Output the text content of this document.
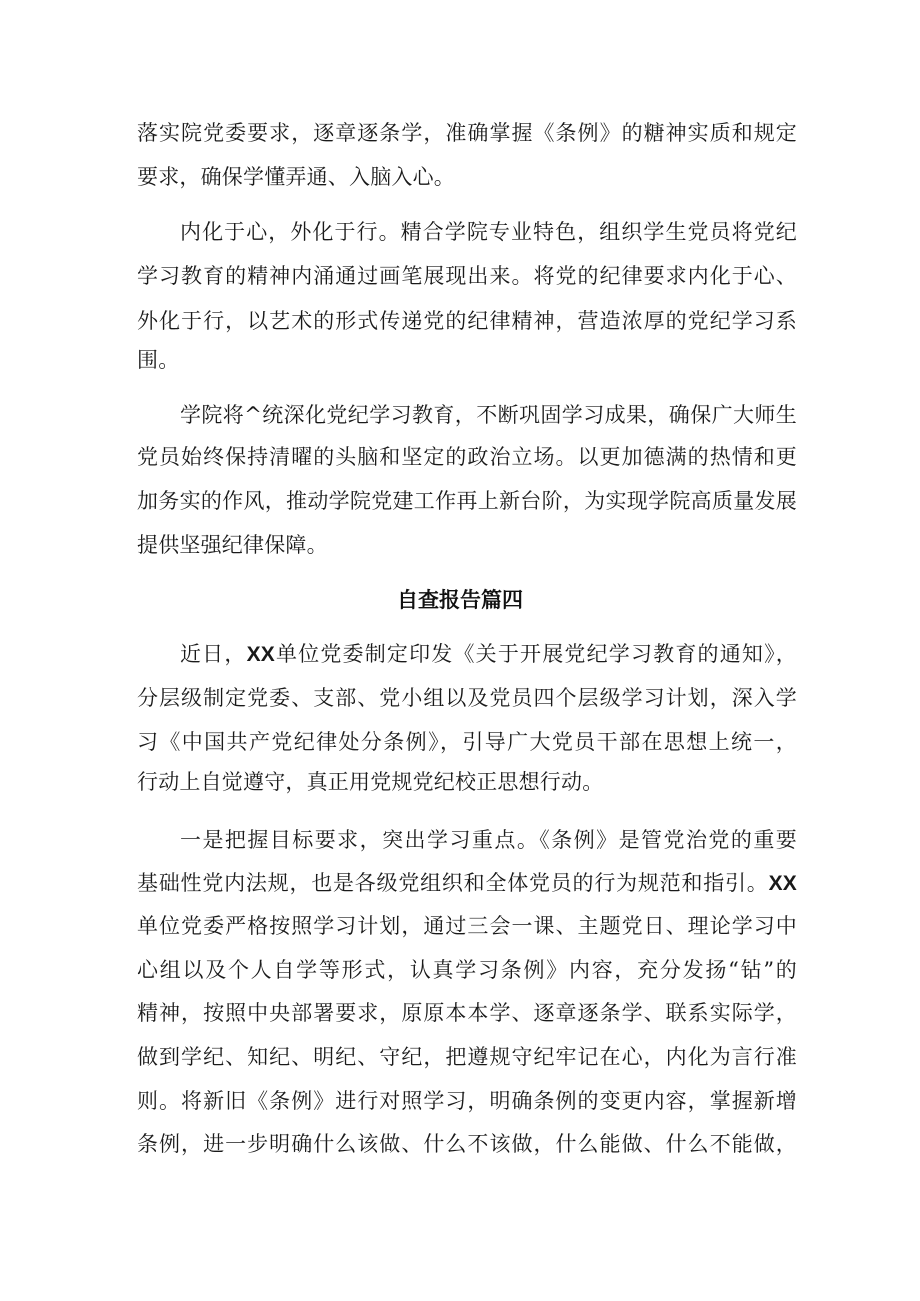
落实院党委要求，逐章逐条学，准确掌握《条例》的糖神实质和规定
要求，确保学懂弄通、入脑入心。
内化于心，外化于行。精合学院专业特色，组织学生党员将党纪
学习教育的精神内涌通过画笔展现出来。将党的纪律要求内化于心、
外化于行，以艺术的形式传递党的纪律精神，营造浓厚的党纪学习系
围。
学院将^统深化党纪学习教育，不断巩固学习成果，确保广大师生
党员始终保持清曜的头脑和坚定的政治立场。以更加德满的热情和更
加务实的作风，推动学院党建工作再上新台阶，为实现学院高质量发展
提供坚强纪律保障。
自查报告篇四
近日，XX单位党委制定印发《关于开展党纪学习教育的通知》，
分层级制定党委、支部、党小组以及党员四个层级学习计划，深入学
习《中国共产党纪律处分条例》，引导广大党员干部在思想上统一，
行动上自觉遵守，真正用党规党纪校正思想行动。
一是把握目标要求，突出学习重点。《条例》是管党治党的重要
基础性党内法规，也是各级党组织和全体党员的行为规范和指引。XX
单位党委严格按照学习计划，通过三会一课、主题党日、理论学习中
心组以及个人自学等形式，认真学习条例》内容，充分发扬“钻”的
精神，按照中央部署要求，原原本本学、逐章逐条学、联系实际学，
做到学纪、知纪、明纪、守纪，把遵规守纪牢记在心，内化为言行准
则。将新旧《条例》进行对照学习，明确条例的变更内容，掌握新增
条例，进一步明确什么该做、什么不该做，什么能做、什么不能做，
